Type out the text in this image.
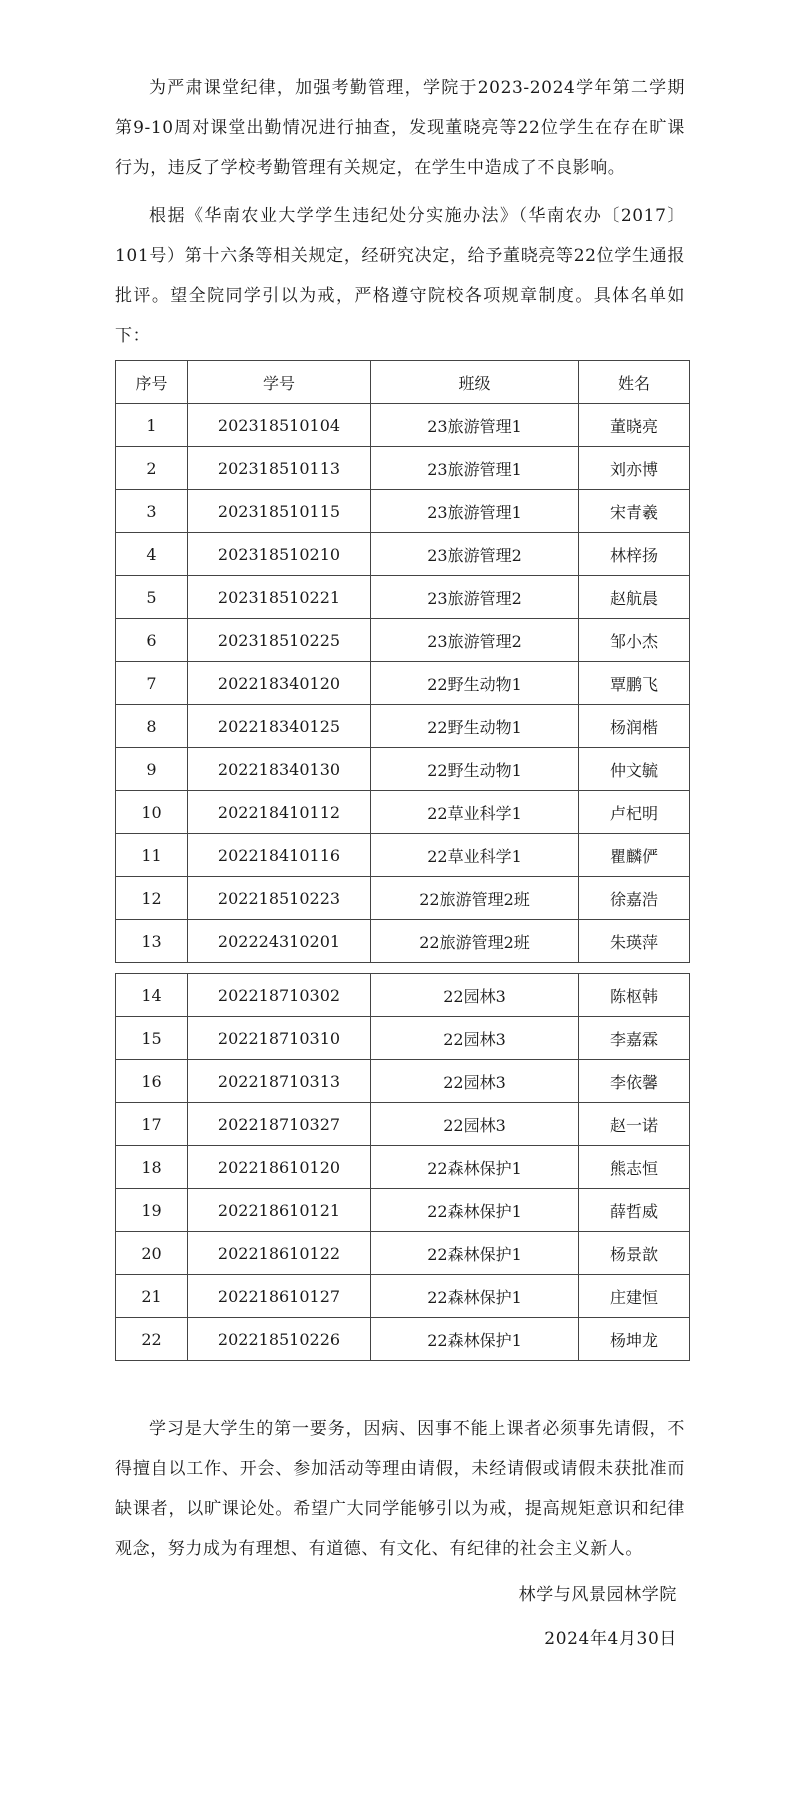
为严肃课堂纪律，加强考勤管理，学院于2023-2024学年第二学期第9-10周对课堂出勤情况进行抽查，发现董晓亮等22位学生在存在旷课行为，违反了学校考勤管理有关规定，在学生中造成了不良影响。

根据《华南农业大学学生违纪处分实施办法》（华南农办〔2017〕101号）第十六条等相关规定，经研究决定，给予董晓亮等22位学生通报批评。望全院同学引以为戒，严格遵守院校各项规章制度。具体名单如下：

序号	学号	班级	姓名
1	202318510104	23旅游管理1	董晓亮
2	202318510113	23旅游管理1	刘亦博
3	202318510115	23旅游管理1	宋青羲
4	202318510210	23旅游管理2	林梓扬
5	202318510221	23旅游管理2	赵航晨
6	202318510225	23旅游管理2	邹小杰
7	202218340120	22野生动物1	覃鹏飞
8	202218340125	22野生动物1	杨润楷
9	202218340130	22野生动物1	仲文毓
10	202218410112	22草业科学1	卢杞明
11	202218410116	22草业科学1	瞿麟俨
12	202218510223	22旅游管理2班	徐嘉浩
13	202224310201	22旅游管理2班	朱瑛萍
14	202218710302	22园林3	陈枢韩
15	202218710310	22园林3	李嘉霖
16	202218710313	22园林3	李依馨
17	202218710327	22园林3	赵一诺
18	202218610120	22森林保护1	熊志恒
19	202218610121	22森林保护1	薛哲威
20	202218610122	22森林保护1	杨景歆
21	202218610127	22森林保护1	庄建恒
22	202218510226	22森林保护1	杨坤龙

学习是大学生的第一要务，因病、因事不能上课者必须事先请假，不得擅自以工作、开会、参加活动等理由请假，未经请假或请假未获批准而缺课者，以旷课论处。希望广大同学能够引以为戒，提高规矩意识和纪律观念，努力成为有理想、有道德、有文化、有纪律的社会主义新人。

林学与风景园林学院
2024年4月30日
